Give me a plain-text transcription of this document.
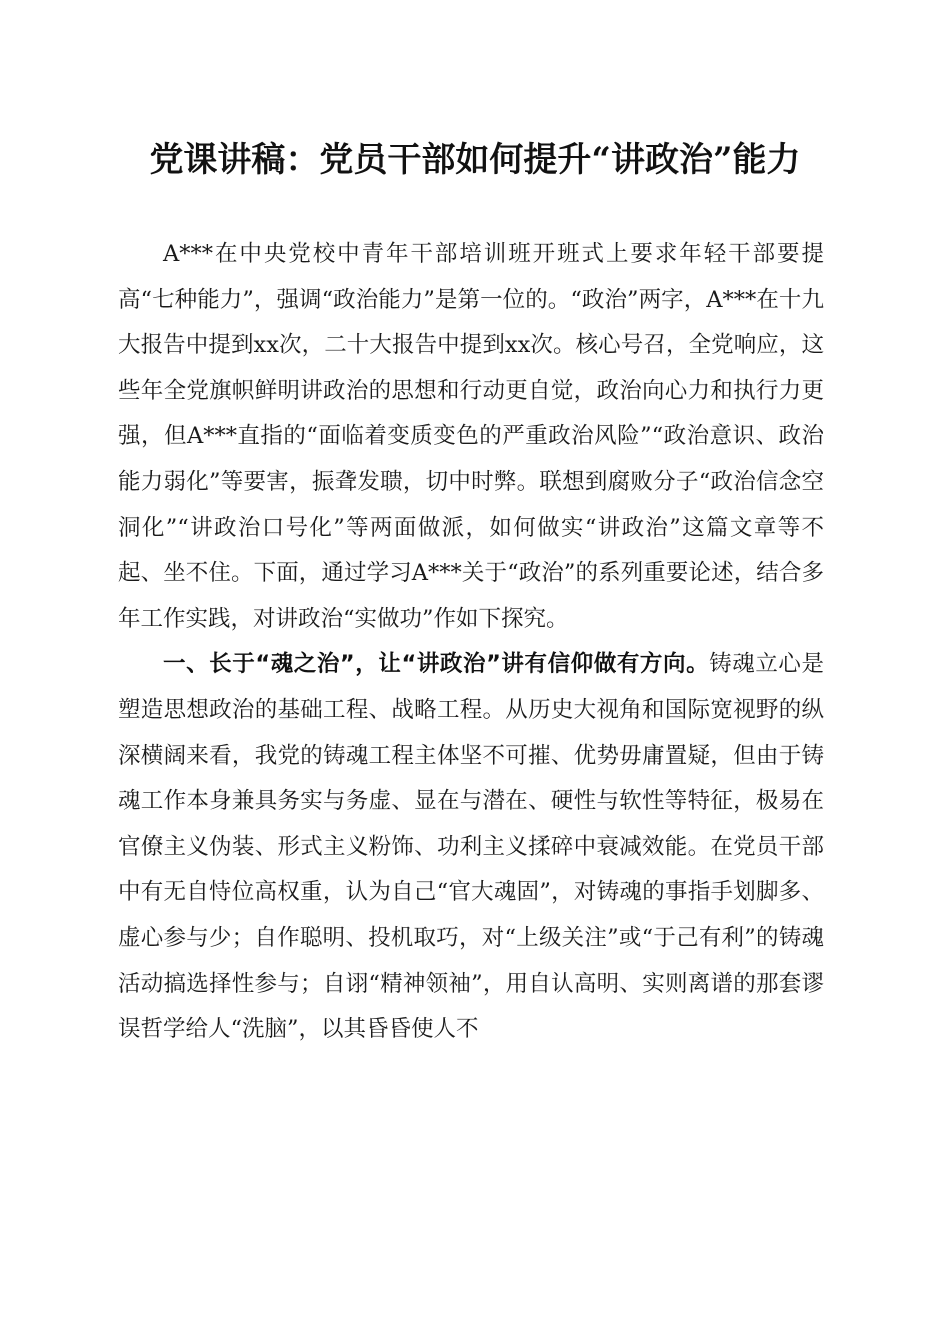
党课讲稿：党员干部如何提升“讲政治”能力

A***在中央党校中青年干部培训班开班式上要求年轻干部要提高“七种能力”，强调“政治能力”是第一位的。“政治”两字，A***在十九大报告中提到xx次，二十大报告中提到xx次。核心号召，全党响应，这些年全党旗帜鲜明讲政治的思想和行动更自觉，政治向心力和执行力更强，但A***直指的“面临着变质变色的严重政治风险”“政治意识、政治能力弱化”等要害，振聋发聩，切中时弊。联想到腐败分子“政治信念空洞化”“讲政治口号化”等两面做派，如何做实“讲政治”这篇文章等不起、坐不住。下面，通过学习A***关于“政治”的系列重要论述，结合多年工作实践，对讲政治“实做功”作如下探究。

一、长于“魂之治”，让“讲政治”讲有信仰做有方向。铸魂立心是塑造思想政治的基础工程、战略工程。从历史大视角和国际宽视野的纵深横阔来看，我党的铸魂工程主体坚不可摧、优势毋庸置疑，但由于铸魂工作本身兼具务实与务虚、显在与潜在、硬性与软性等特征，极易在官僚主义伪装、形式主义粉饰、功利主义揉碎中衰减效能。在党员干部中有无自恃位高权重，认为自己“官大魂固”，对铸魂的事指手划脚多、虚心参与少；自作聪明、投机取巧，对“上级关注”或“于己有利”的铸魂活动搞选择性参与；自诩“精神领袖”，用自认高明、实则离谱的那套谬误哲学给人“洗脑”，以其昏昏使人不
